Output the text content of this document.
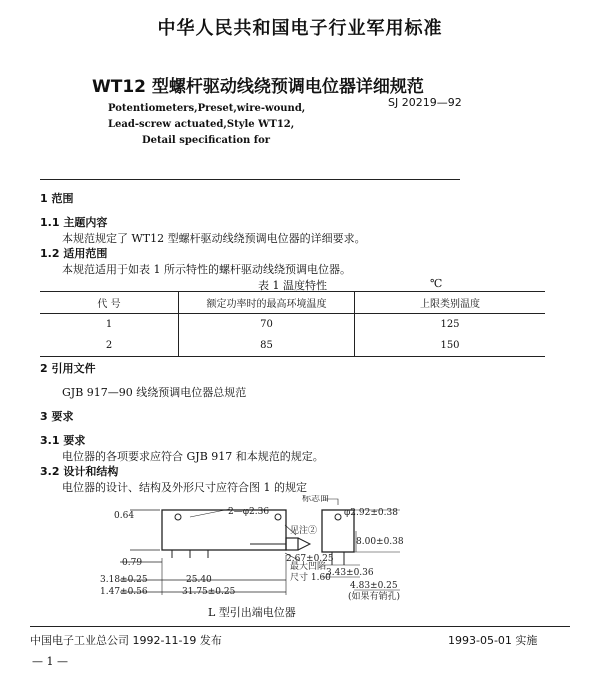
中华人民共和国电子行业军用标准
WT12 型螺杆驱动线绕预调电位器详细规范
SJ 20219—92
Potentiometers,Preset,wire-wound,
Lead-screw actuated,Style WT12,
Detail specification for
1 范围
1.1 主题内容
本规范规定了 WT12 型螺杆驱动线绕预调电位器的详细要求。
1.2 适用范围
本规范适用于如表 1 所示特性的螺杆驱动线绕预调电位器。
表 1 温度特性	℃
代 号	额定功率时的最高环境温度	上限类别温度
1	70	125
2	85	150
2 引用文件
GJB 917—90 线绕预调电位器总规范
3 要求
3.1 要求
电位器的各项要求应符合 GJB 917 和本规范的规定。
3.2 设计和结构
电位器的设计、结构及外形尺寸应符合图 1 的规定
0.64	2—φ2.36
见注②
0.79
3.18±0.25	25.40
1.47±0.56	31.75±0.25
最大凹陷
尺寸 1.60
标志面
φ2.92±0.38
8.00±0.38
2.67±0.25
3.43±0.36
4.83±0.25
(如果有销孔)
L 型引出端电位器
中国电子工业总公司 1992-11-19 发布	1993-05-01 实施
— 1 —
